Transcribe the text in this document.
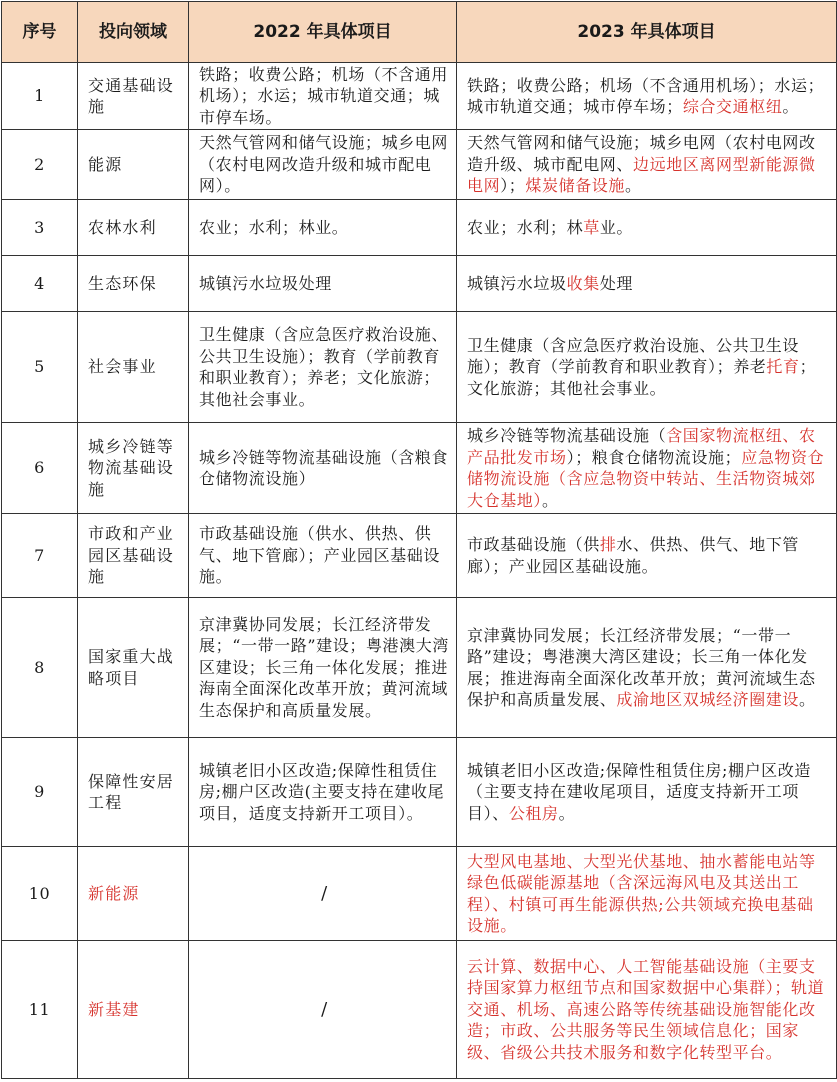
序号	投向领域	2022 年具体项目	2023 年具体项目
1	交通基础设施	铁路；收费公路；机场（不含通用机场）；水运；城市轨道交通；城市停车场。	铁路；收费公路；机场（不含通用机场）；水运；城市轨道交通；城市停车场；综合交通枢纽。
2	能源	天然气管网和储气设施；城乡电网（农村电网改造升级和城市配电网）。	天然气管网和储气设施；城乡电网（农村电网改造升级、城市配电网、边远地区离网型新能源微电网）；煤炭储备设施。
3	农林水利	农业；水利；林业。	农业；水利；林草业。
4	生态环保	城镇污水垃圾处理	城镇污水垃圾收集处理
5	社会事业	卫生健康（含应急医疗救治设施、公共卫生设施）；教育（学前教育和职业教育）；养老；文化旅游；其他社会事业。	卫生健康（含应急医疗救治设施、公共卫生设施）；教育（学前教育和职业教育）；养老托育；文化旅游；其他社会事业。
6	城乡冷链等物流基础设施	城乡冷链等物流基础设施（含粮食仓储物流设施）	城乡冷链等物流基础设施（含国家物流枢纽、农产品批发市场）；粮食仓储物流设施；应急物资仓储物流设施（含应急物资中转站、生活物资城郊大仓基地）。
7	市政和产业园区基础设施	市政基础设施（供水、供热、供气、地下管廊）；产业园区基础设施。	市政基础设施（供排水、供热、供气、地下管廊）；产业园区基础设施。
8	国家重大战略项目	京津冀协同发展；长江经济带发展；“一带一路”建设；粤港澳大湾区建设；长三角一体化发展；推进海南全面深化改革开放；黄河流域生态保护和高质量发展。	京津冀协同发展；长江经济带发展；“一带一路”建设；粤港澳大湾区建设；长三角一体化发展；推进海南全面深化改革开放；黄河流域生态保护和高质量发展、成渝地区双城经济圈建设。
9	保障性安居工程	城镇老旧小区改造;保障性租赁住房;棚户区改造(主要支持在建收尾项目，适度支持新开工项目）。	城镇老旧小区改造;保障性租赁住房;棚户区改造（主要支持在建收尾项目，适度支持新开工项目）、公租房。
10	新能源	/	大型风电基地、大型光伏基地、抽水蓄能电站等绿色低碳能源基地（含深远海风电及其送出工程）、村镇可再生能源供热;公共领域充换电基础设施。
11	新基建	/	云计算、数据中心、人工智能基础设施（主要支持国家算力枢纽节点和国家数据中心集群）；轨道交通、机场、高速公路等传统基础设施智能化改造；市政、公共服务等民生领域信息化；国家级、省级公共技术服务和数字化转型平台。
